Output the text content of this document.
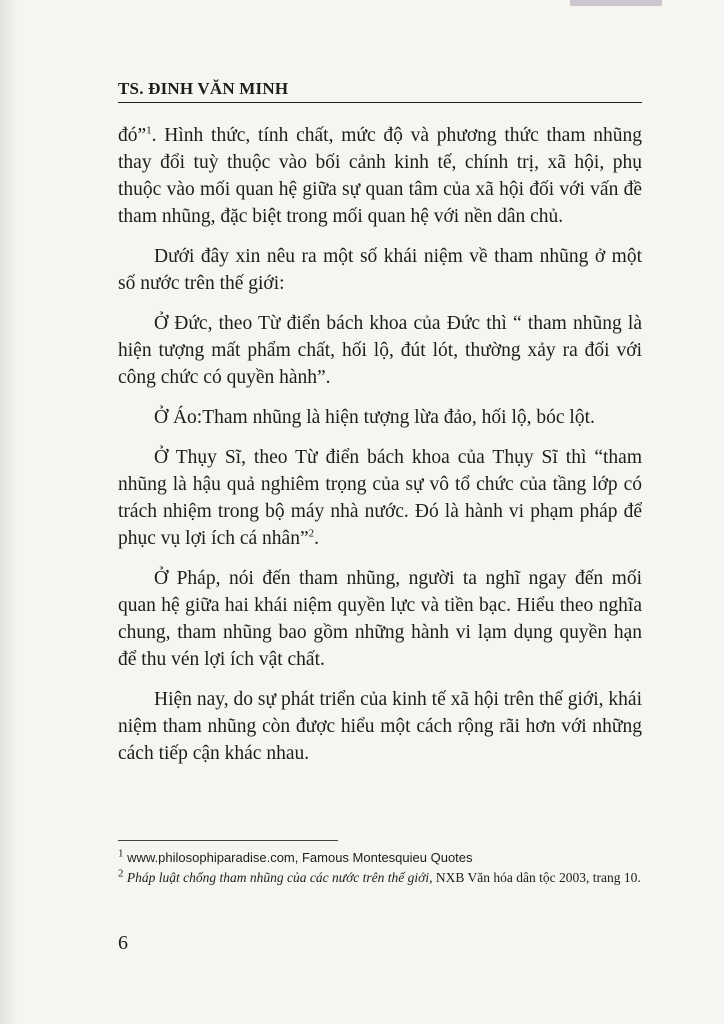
TS. ĐINH VĂN MINH

đó”$^1$. Hình thức, tính chất, mức độ và phương thức tham nhũng thay đổi tuỳ thuộc vào bối cảnh kinh tế, chính trị, xã hội, phụ thuộc vào mối quan hệ giữa sự quan tâm của xã hội đối với vấn đề tham nhũng, đặc biệt trong mối quan hệ với nền dân chủ.

Dưới đây xin nêu ra một số khái niệm về tham nhũng ở một số nước trên thế giới:

Ở Đức, theo Từ điển bách khoa của Đức thì “ tham nhũng là hiện tượng mất phẩm chất, hối lộ, đút lót, thường xảy ra đối với công chức có quyền hành”.

Ở Áo:Tham nhũng là hiện tượng lừa đảo, hối lộ, bóc lột.

Ở Thụy Sĩ, theo Từ điển bách khoa của Thụy Sĩ thì “tham nhũng là hậu quả nghiêm trọng của sự vô tổ chức của tầng lớp có trách nhiệm trong bộ máy nhà nước. Đó là hành vi phạm pháp để phục vụ lợi ích cá nhân”$^2$.

Ở Pháp, nói đến tham nhũng, người ta nghĩ ngay đến mối quan hệ giữa hai khái niệm quyền lực và tiền bạc. Hiểu theo nghĩa chung, tham nhũng bao gồm những hành vi lạm dụng quyền hạn để thu vén lợi ích vật chất.

Hiện nay, do sự phát triển của kinh tế xã hội trên thế giới, khái niệm tham nhũng còn được hiểu một cách rộng rãi hơn với những cách tiếp cận khác nhau.

$^1$ www.philosophiparadise.com, Famous Montesquieu Quotes

$^2$ Pháp luật chống tham nhũng của các nước trên thế giới, NXB Văn hóa dân tộc 2003, trang 10.

6
